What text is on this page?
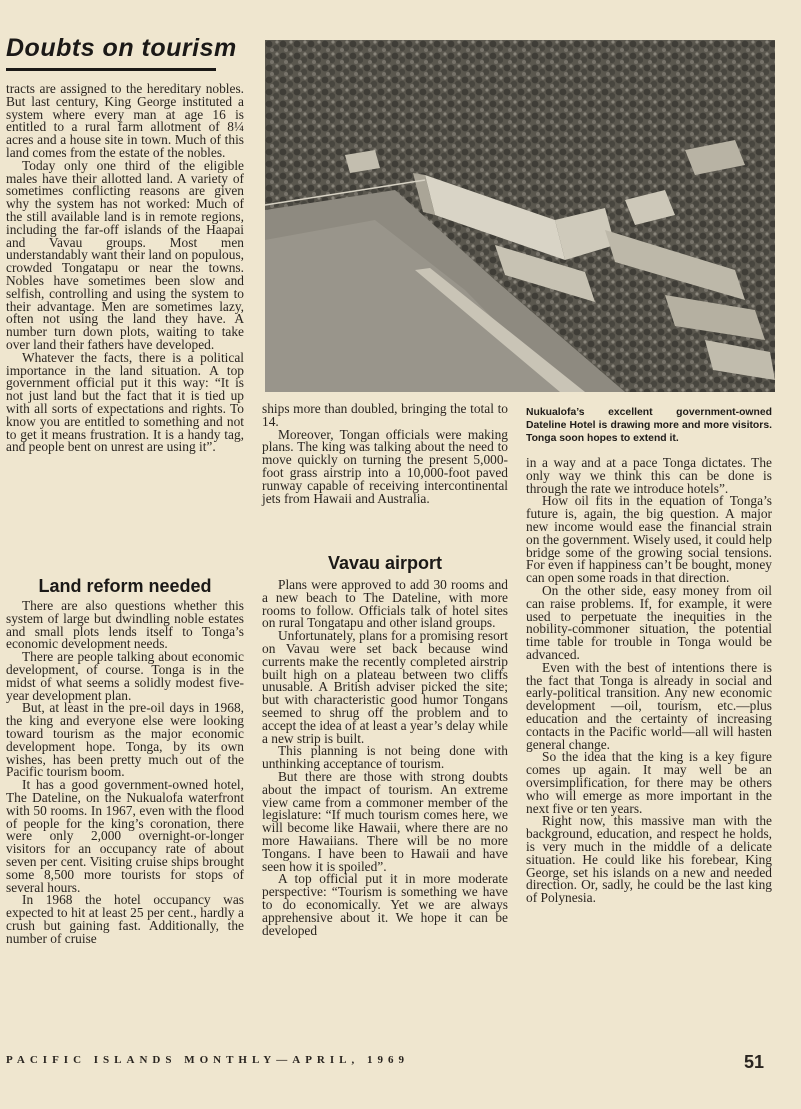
Doubts on tourism

tracts are assigned to the hereditary nobles. But last century, King George instituted a system where every man at age 16 is entitled to a rural farm allotment of 8¼ acres and a house site in town. Much of this land comes from the estate of the nobles.

Today only one third of the eligible males have their allotted land. A variety of sometimes conflicting reasons are given why the system has not worked: Much of the still available land is in remote regions, including the far-off islands of the Haapai and Vavau groups. Most men understandably want their land on populous, crowded Tongatapu or near the towns. Nobles have sometimes been slow and selfish, controlling and using the system to their advantage. Men are sometimes lazy, often not using the land they have. A number turn down plots, waiting to take over land their fathers have developed.

Whatever the facts, there is a political importance in the land situation. A top government official put it this way: “It is not just land but the fact that it is tied up with all sorts of expectations and rights. To know you are entitled to something and not to get it means frustration. It is a handy tag, and people bent on unrest are using it”.

Land reform needed

There are also questions whether this system of large but dwindling noble estates and small plots lends itself to Tonga’s economic development needs.

There are people talking about economic development, of course. Tonga is in the midst of what seems a solidly modest five-year development plan.

But, at least in the pre-oil days in 1968, the king and everyone else were looking toward tourism as the major economic development hope. Tonga, by its own wishes, has been pretty much out of the Pacific tourism boom.

It has a good government-owned hotel, The Dateline, on the Nukualofa waterfront with 50 rooms. In 1967, even with the flood of people for the king’s coronation, there were only 2,000 overnight-or-longer visitors for an occupancy rate of about seven per cent. Visiting cruise ships brought some 8,500 more tourists for stops of several hours.

In 1968 the hotel occupancy was expected to hit at least 25 per cent., hardly a crush but gaining fast. Additionally, the number of cruise

Nukualofa’s excellent government-owned Dateline Hotel is drawing more and more visitors. Tonga soon hopes to extend it.

ships more than doubled, bringing the total to 14.

Moreover, Tongan officials were making plans. The king was talking about the need to move quickly on turning the present 5,000-foot grass airstrip into a 10,000-foot paved runway capable of receiving intercontinental jets from Hawaii and Australia.

Vavau airport

Plans were approved to add 30 rooms and a new beach to The Dateline, with more rooms to follow. Officials talk of hotel sites on rural Tongatapu and other island groups.

Unfortunately, plans for a promising resort on Vavau were set back because wind currents make the recently completed airstrip built high on a plateau between two cliffs unusable. A British adviser picked the site; but with characteristic good humor Tongans seemed to shrug off the problem and to accept the idea of at least a year’s delay while a new strip is built.

This planning is not being done with unthinking acceptance of tourism.

But there are those with strong doubts about the impact of tourism. An extreme view came from a commoner member of the legislature: “If much tourism comes here, we will become like Hawaii, where there are no more Hawaiians. There will be no more Tongans. I have been to Hawaii and have seen how it is spoiled”.

A top official put it in more moderate perspective: “Tourism is something we have to do economically. Yet we are always apprehensive about it. We hope it can be developed

in a way and at a pace Tonga dictates. The only way we think this can be done is through the rate we introduce hotels”.

How oil fits in the equation of Tonga’s future is, again, the big question. A major new income would ease the financial strain on the government. Wisely used, it could help bridge some of the growing social tensions. For even if happiness can’t be bought, money can open some roads in that direction.

On the other side, easy money from oil can raise problems. If, for example, it were used to perpetuate the inequities in the nobility-commoner situation, the potential time table for trouble in Tonga would be advanced.

Even with the best of intentions there is the fact that Tonga is already in social and early-political transition. Any new economic development —oil, tourism, etc.—plus education and the certainty of increasing contacts in the Pacific world—all will hasten general change.

So the idea that the king is a key figure comes up again. It may well be an oversimplification, for there may be others who will emerge as more important in the next five or ten years.

Right now, this massive man with the background, education, and respect he holds, is very much in the middle of a delicate situation. He could like his forebear, King George, set his islands on a new and needed direction. Or, sadly, he could be the last king of Polynesia.

PACIFIC ISLANDS MONTHLY—APRIL, 1969	51
